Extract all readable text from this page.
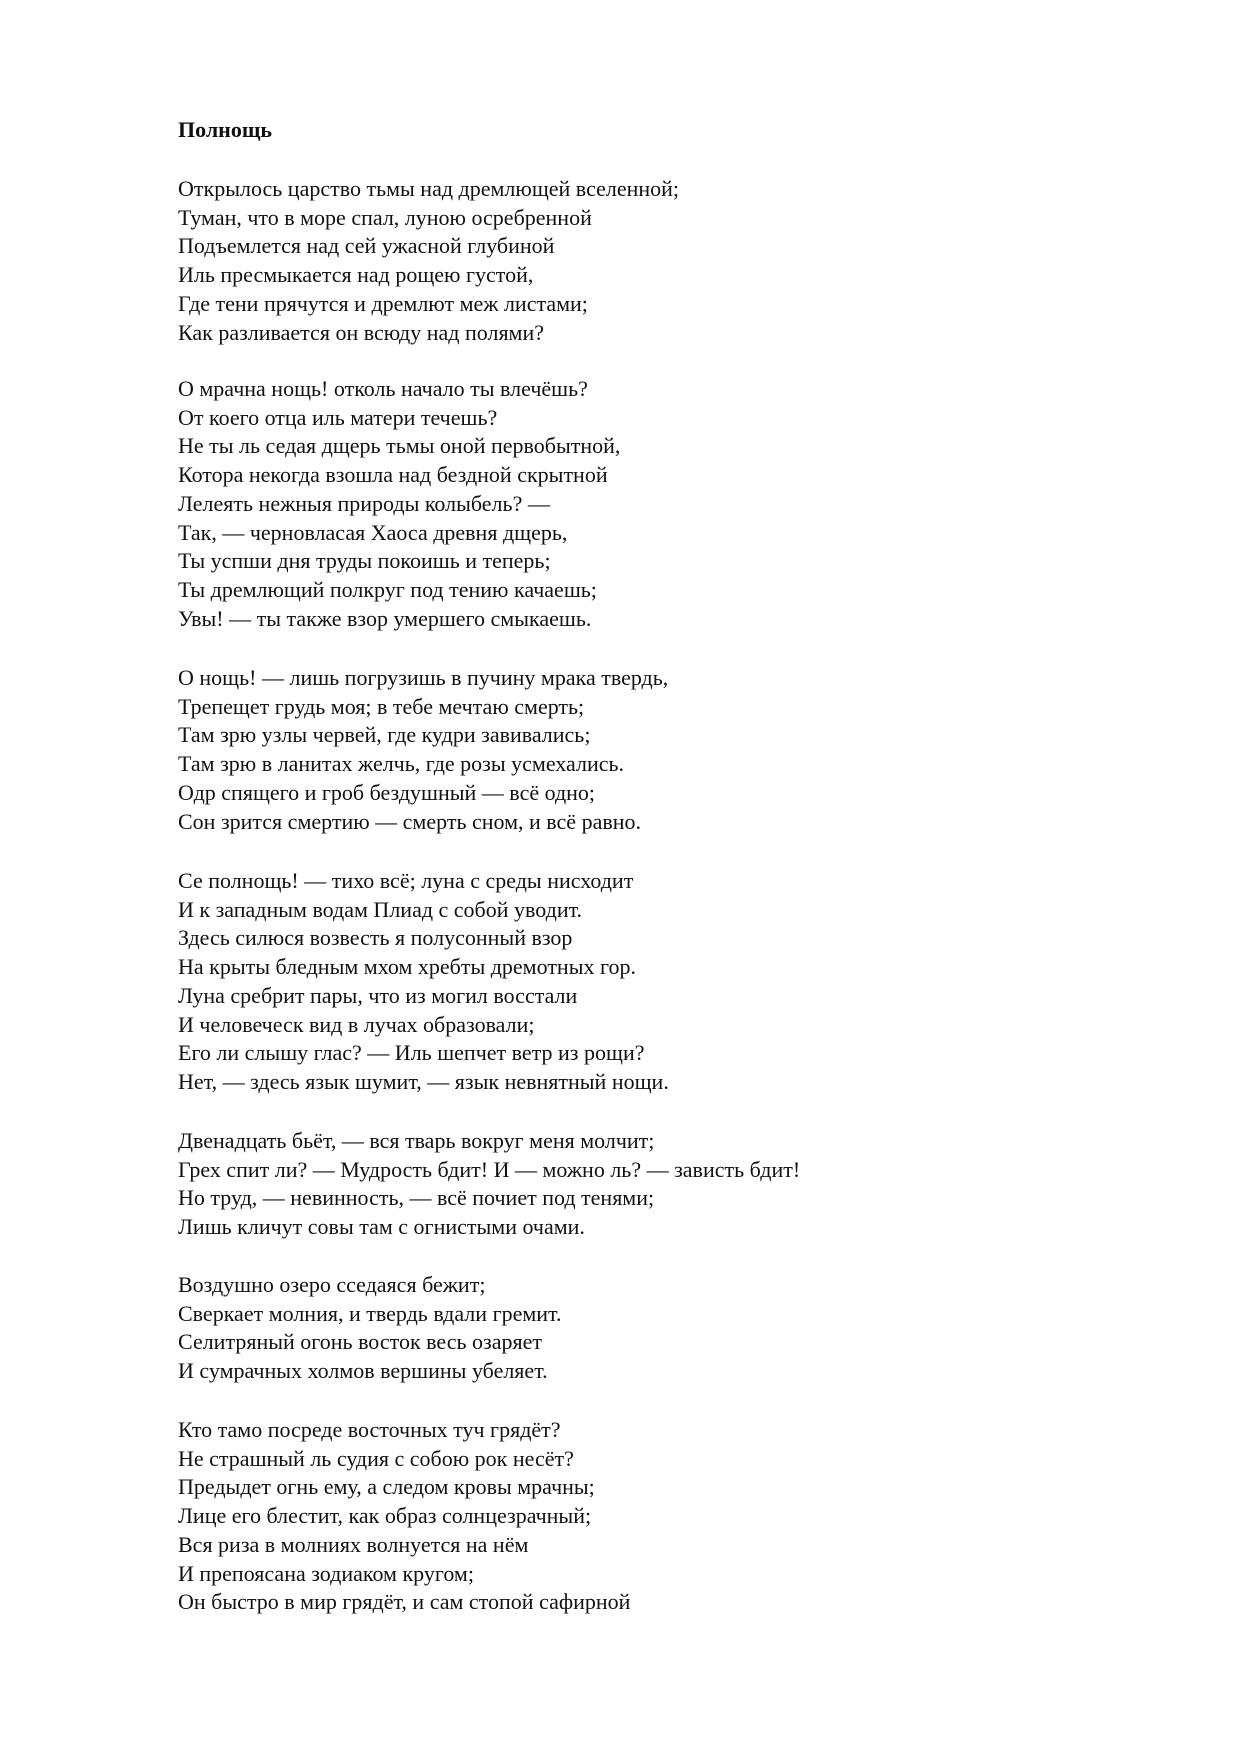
Полнощь
Открылось царство тьмы над дремлющей вселенной;
Туман, что в море спал, луною осребренной
Подъемлется над сей ужасной глубиной
Иль пресмыкается над рощею густой,
Где тени прячутся и дремлют меж листами;
Как разливается он всюду над полями?
О мрачна нощь! отколь начало ты влечёшь?
От коего отца иль матери течешь?
Не ты ль седая дщерь тьмы оной первобытной,
Котора некогда взошла над бездной скрытной
Лелеять нежныя природы колыбель? —
Так, — черновласая Хаоса древня дщерь,
Ты успши дня труды покоишь и теперь;
Ты дремлющий полкруг под тению качаешь;
Увы! — ты также взор умершего смыкаешь.
О нощь! — лишь погрузишь в пучину мрака твердь,
Трепещет грудь моя; в тебе мечтаю смерть;
Там зрю узлы червей, где кудри завивались;
Там зрю в ланитах желчь, где розы усмехались.
Одр спящего и гроб бездушный — всё одно;
Сон зрится смертию — смерть сном, и всё равно.
Се полнощь! — тихо всё; луна с среды нисходит
И к западным водам Плиад с собой уводит.
Здесь силюся возвесть я полусонный взор
На крыты бледным мхом хребты дремотных гор.
Луна сребрит пары, что из могил восстали
И человеческ вид в лучах образовали;
Его ли слышу глас? — Иль шепчет ветр из рощи?
Нет, — здесь язык шумит, — язык невнятный нощи.
Двенадцать бьёт, — вся тварь вокруг меня молчит;
Грех спит ли? — Мудрость бдит! И — можно ль? — зависть бдит!
Но труд, — невинность, — всё почиет под тенями;
Лишь кличут совы там с огнистыми очами.
Воздушно озеро сседаяся бежит;
Сверкает молния, и твердь вдали гремит.
Селитряный огонь восток весь озаряет
И сумрачных холмов вершины убеляет.
Кто тамо посреде восточных туч грядёт?
Не страшный ль судия с собою рок несёт?
Предыдет огнь ему, а следом кровы мрачны;
Лице его блестит, как образ солнцезрачный;
Вся риза в молниях волнуется на нём
И препоясана зодиаком кругом;
Он быстро в мир грядёт, и сам стопой сафирной
